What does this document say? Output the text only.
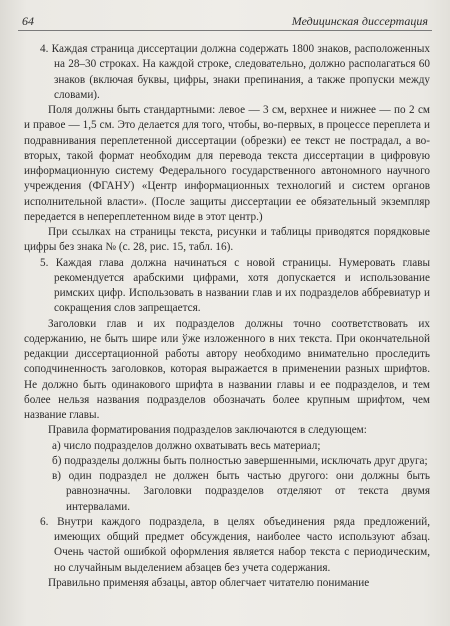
64	Медицинская диссертация

4. Каждая страница диссертации должна содержать 1800 знаков, расположенных на 28–30 строках. На каждой строке, следовательно, должно располагаться 60 знаков (включая буквы, цифры, знаки препинания, а также пропуски между словами).

Поля должны быть стандартными: левое — 3 см, верхнее и нижнее — по 2 см и правое — 1,5 см. Это делается для того, чтобы, во-первых, в процессе переплета и подравнивания переплетенной диссертации (обрезки) ее текст не пострадал, а во-вторых, такой формат необходим для перевода текста диссертации в цифровую информационную систему Федерального государственного автономного научного учреждения (ФГАНУ) «Центр информационных технологий и систем органов исполнительной власти». (После защиты диссертации ее обязательный экземпляр передается в непереплетенном виде в этот центр.)

При ссылках на страницы текста, рисунки и таблицы приводятся порядковые цифры без знака № (с. 28, рис. 15, табл. 16).

5. Каждая глава должна начинаться с новой страницы. Нумеровать главы рекомендуется арабскими цифрами, хотя допускается и использование римских цифр. Использовать в названии глав и их подразделов аббревиатур и сокращения слов запрещается.

Заголовки глав и их подразделов должны точно соответствовать их содержанию, не быть шире или ўже изложенного в них текста. При окончательной редакции диссертационной работы автору необходимо внимательно проследить соподчиненность заголовков, которая выражается в применении разных шрифтов. Не должно быть одинакового шрифта в названии главы и ее подразделов, и тем более нельзя названия подразделов обозначать более крупным шрифтом, чем название главы.

Правила форматирования подразделов заключаются в следующем:

а) число подразделов должно охватывать весь материал;

б) подразделы должны быть полностью завершенными, исключать друг друга;

в) один подраздел не должен быть частью другого: они должны быть равнозначны. Заголовки подразделов отделяют от текста двумя интервалами.

6. Внутри каждого подраздела, в целях объединения ряда предложений, имеющих общий предмет обсуждения, наиболее часто используют абзац. Очень частой ошибкой оформления является набор текста с периодическим, но случайным выделением абзацев без учета содержания.

Правильно применяя абзацы, автор облегчает читателю понимание
